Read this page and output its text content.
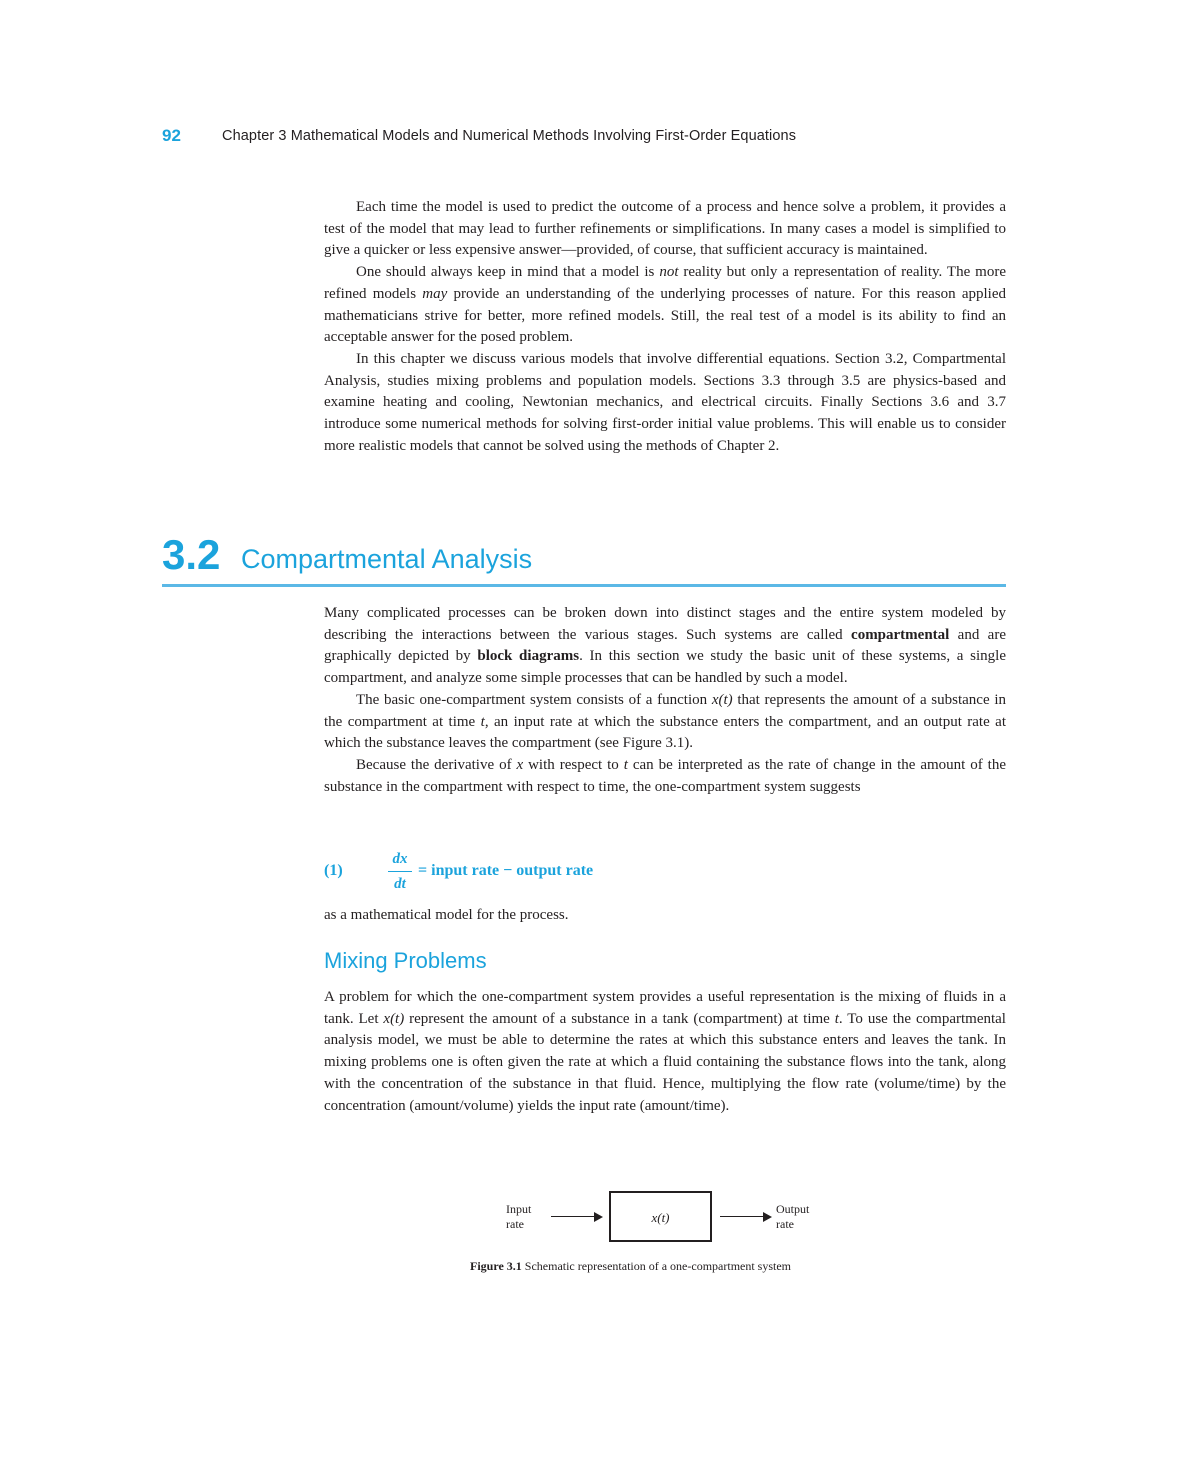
92	Chapter 3 Mathematical Models and Numerical Methods Involving First-Order Equations

Each time the model is used to predict the outcome of a process and hence solve a problem, it provides a test of the model that may lead to further refinements or simplifications. In many cases a model is simplified to give a quicker or less expensive answer—provided, of course, that sufficient accuracy is maintained.

One should always keep in mind that a model is not reality but only a representation of reality. The more refined models may provide an understanding of the underlying processes of nature. For this reason applied mathematicians strive for better, more refined models. Still, the real test of a model is its ability to find an acceptable answer for the posed problem.

In this chapter we discuss various models that involve differential equations. Section 3.2, Compartmental Analysis, studies mixing problems and population models. Sections 3.3 through 3.5 are physics-based and examine heating and cooling, Newtonian mechanics, and electrical circuits. Finally Sections 3.6 and 3.7 introduce some numerical methods for solving first-order initial value problems. This will enable us to consider more realistic models that cannot be solved using the methods of Chapter 2.

3.2 Compartmental Analysis

Many complicated processes can be broken down into distinct stages and the entire system modeled by describing the interactions between the various stages. Such systems are called compartmental and are graphically depicted by block diagrams. In this section we study the basic unit of these systems, a single compartment, and analyze some simple processes that can be handled by such a model.

The basic one-compartment system consists of a function x(t) that represents the amount of a substance in the compartment at time t, an input rate at which the substance enters the compartment, and an output rate at which the substance leaves the compartment (see Figure 3.1).

Because the derivative of x with respect to t can be interpreted as the rate of change in the amount of the substance in the compartment with respect to time, the one-compartment system suggests

(1)
dx
dt
= input rate − output rate

as a mathematical model for the process.

Mixing Problems

A problem for which the one-compartment system provides a useful representation is the mixing of fluids in a tank. Let x(t) represent the amount of a substance in a tank (compartment) at time t. To use the compartmental analysis model, we must be able to determine the rates at which this substance enters and leaves the tank. In mixing problems one is often given the rate at which a fluid containing the substance flows into the tank, along with the concentration of the substance in that fluid. Hence, multiplying the flow rate (volume/time) by the concentration (amount/volume) yields the input rate (amount/time).

Input
rate	x(t)
Output
rate
Figure 3.1 Schematic representation of a one-compartment system
